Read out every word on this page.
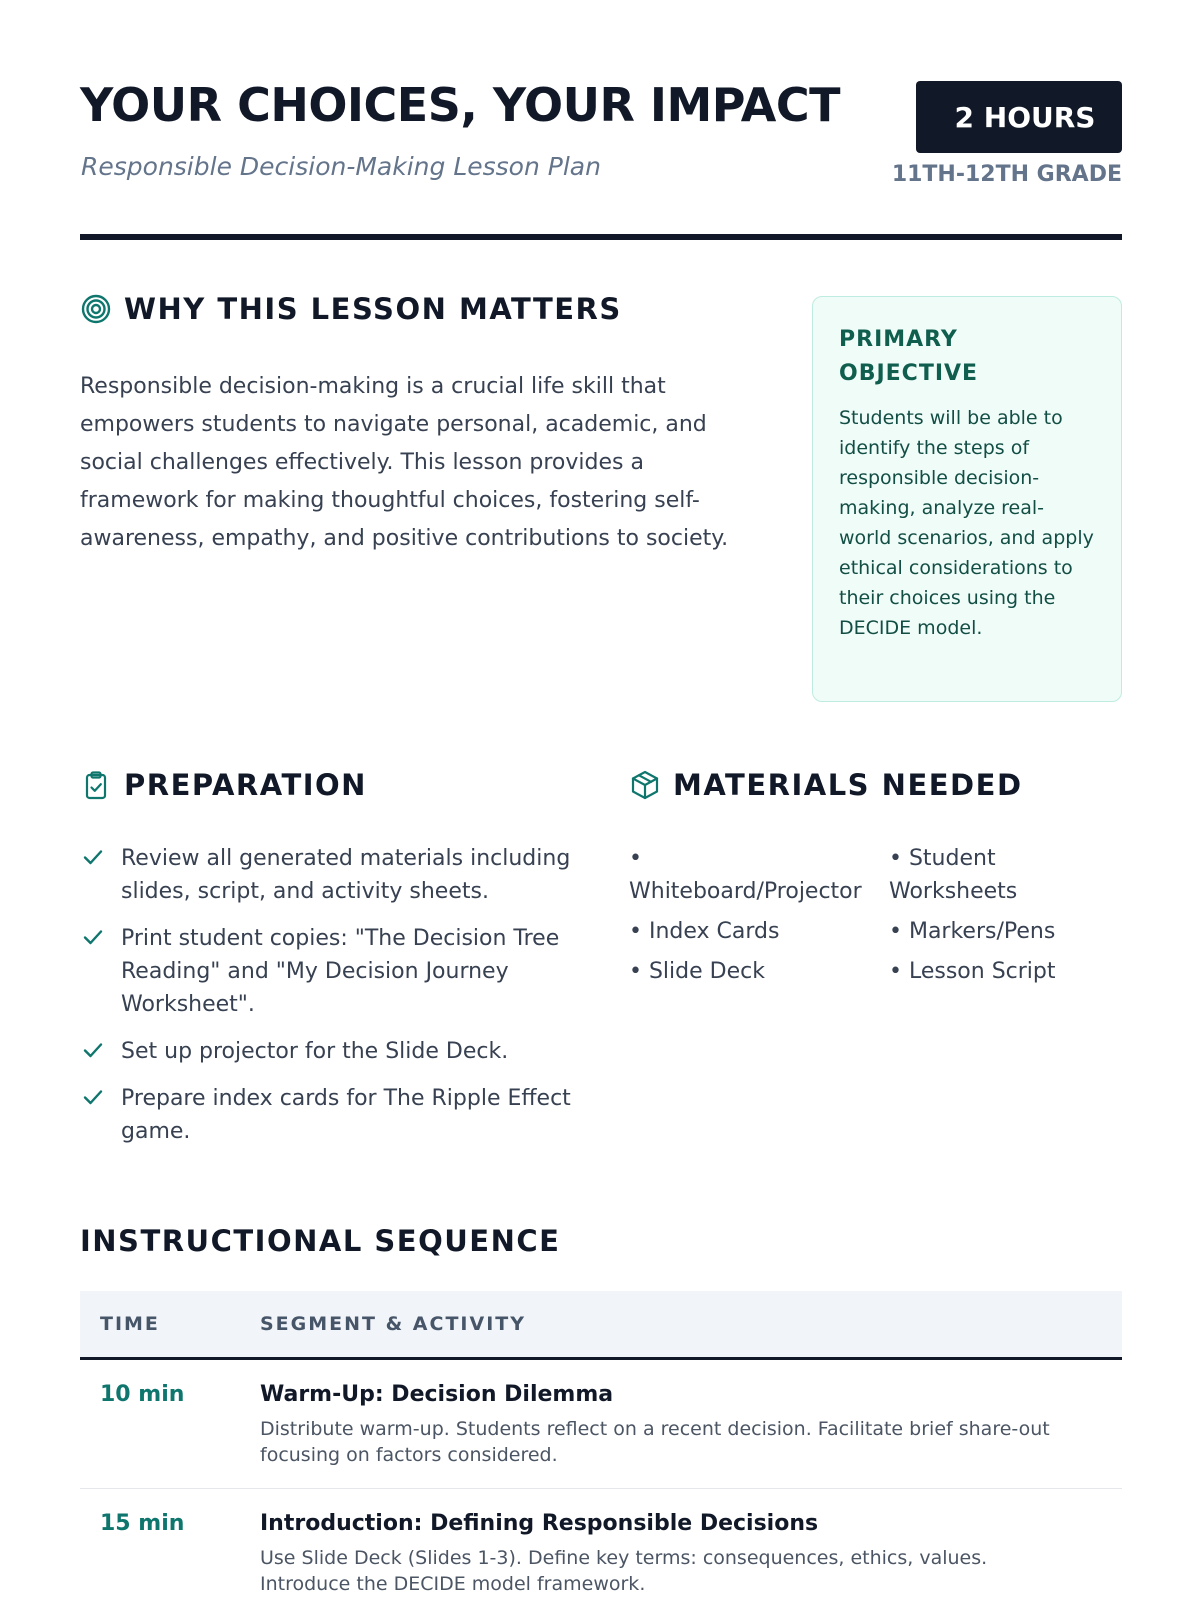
YOUR CHOICES, YOUR IMPACT
Responsible Decision-Making Lesson Plan
2 HOURS
11TH-12TH GRADE
WHY THIS LESSON MATTERS
Responsible decision-making is a crucial life skill that empowers students to navigate personal, academic, and social challenges effectively. This lesson provides a framework for making thoughtful choices, fostering self-awareness, empathy, and positive contributions to society.
PRIMARY OBJECTIVE
Students will be able to identify the steps of responsible decision-making, analyze real-world scenarios, and apply ethical considerations to their choices using the DECIDE model.
PREPARATION
Review all generated materials including slides, script, and activity sheets.
Print student copies: "The Decision Tree Reading" and "My Decision Journey Worksheet".
Set up projector for the Slide Deck.
Prepare index cards for The Ripple Effect game.
MATERIALS NEEDED
• Whiteboard/Projector
• Student Worksheets
• Index Cards	• Markers/Pens
• Slide Deck	• Lesson Script
INSTRUCTIONAL SEQUENCE
TIME	SEGMENT & ACTIVITY

10 min	Warm-Up: Decision Dilemma
Distribute warm-up. Students reflect on a recent decision. Facilitate brief share-out focusing on factors considered.

15 min	Introduction: Defining Responsible Decisions
Use Slide Deck (Slides 1-3). Define key terms: consequences, ethics, values. Introduce the DECIDE model framework.
